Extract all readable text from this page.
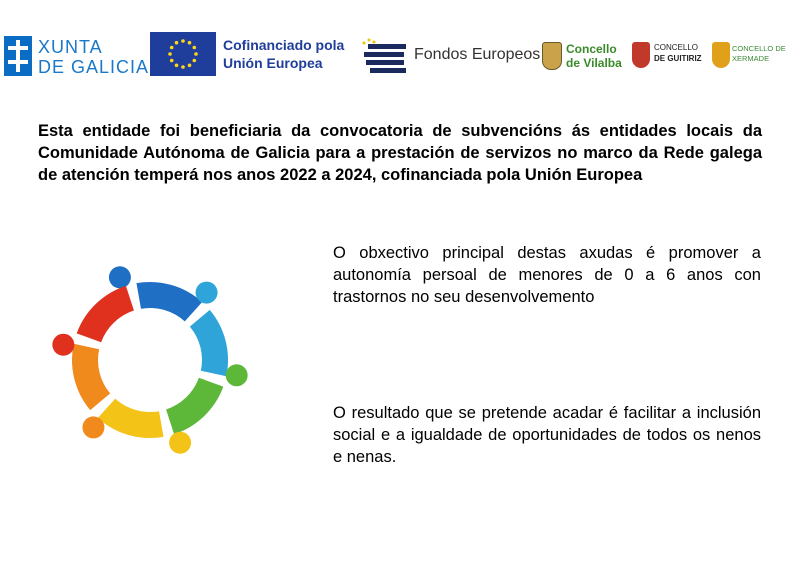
XUNTA
DE GALICIA
Cofinanciado pola
Unión Europea	Fondos Europeos Concello
de Vilalba
CONCELLO
DE GUITIRIZ
CONCELLO DE
XERMADE

Esta entidade foi beneficiaria da convocatoria de subvencións ás entidades locais da Comunidade Autónoma de Galicia para a prestación de servizos no marco da Rede galega de atención temperá nos anos 2022 a 2024, cofinanciada pola Unión Europea

O obxectivo principal destas axudas é promover a autonomía persoal de menores de 0 a 6 anos con trastornos no seu desenvolvemento

O resultado que se pretende acadar é facilitar a inclusión social e a igualdade de oportunidades de todos os nenos e nenas.
